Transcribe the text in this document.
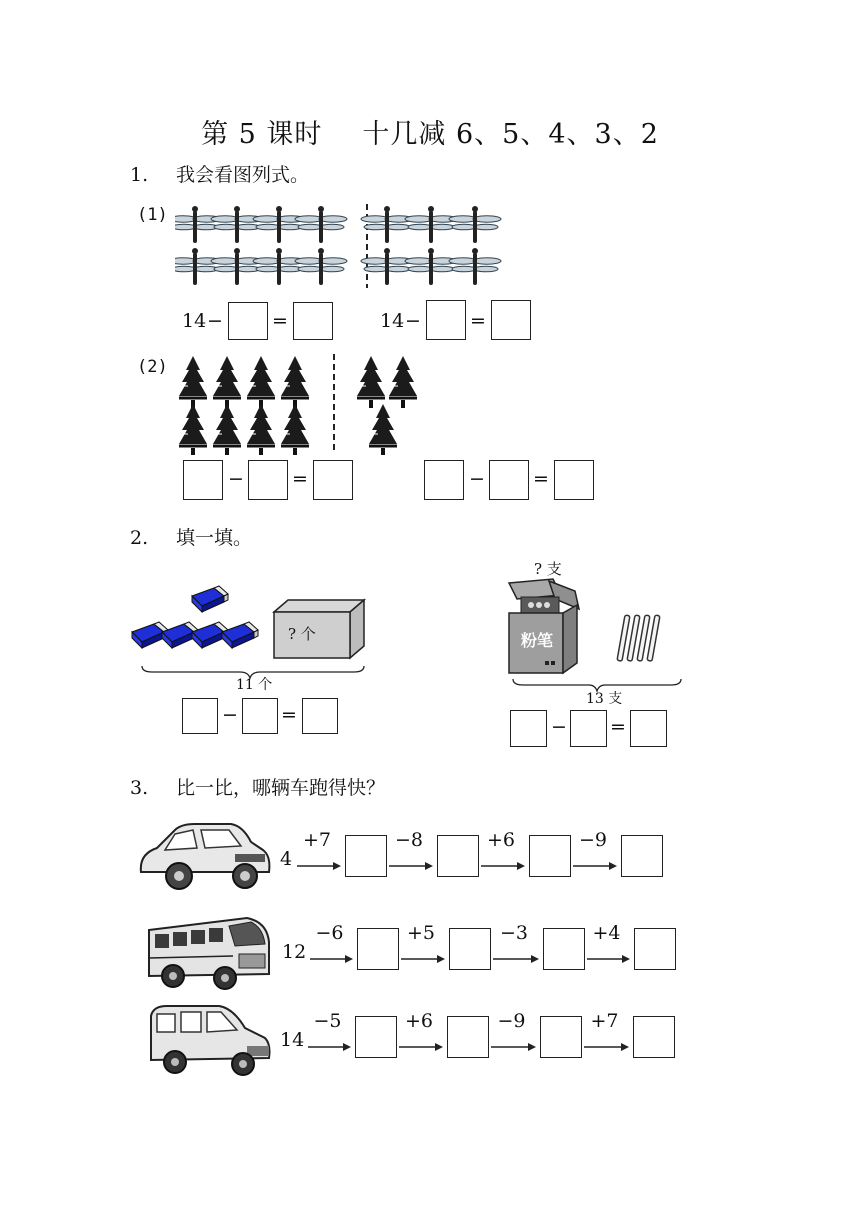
第 5 课时 十几减 6、5、4、3、2
1. 我会看图列式。
(1)
14 −	=	14 −	=
(2)
−	=	−	=
2. 填一填。
? 个
11 个
− =
? 支
粉笔
13 支
− =
3. 比一比，哪辆车跑得快？
4
+7	−8	+6	−9
12
−6	+5	−3	+4
14
−5	+6	−9	+7
